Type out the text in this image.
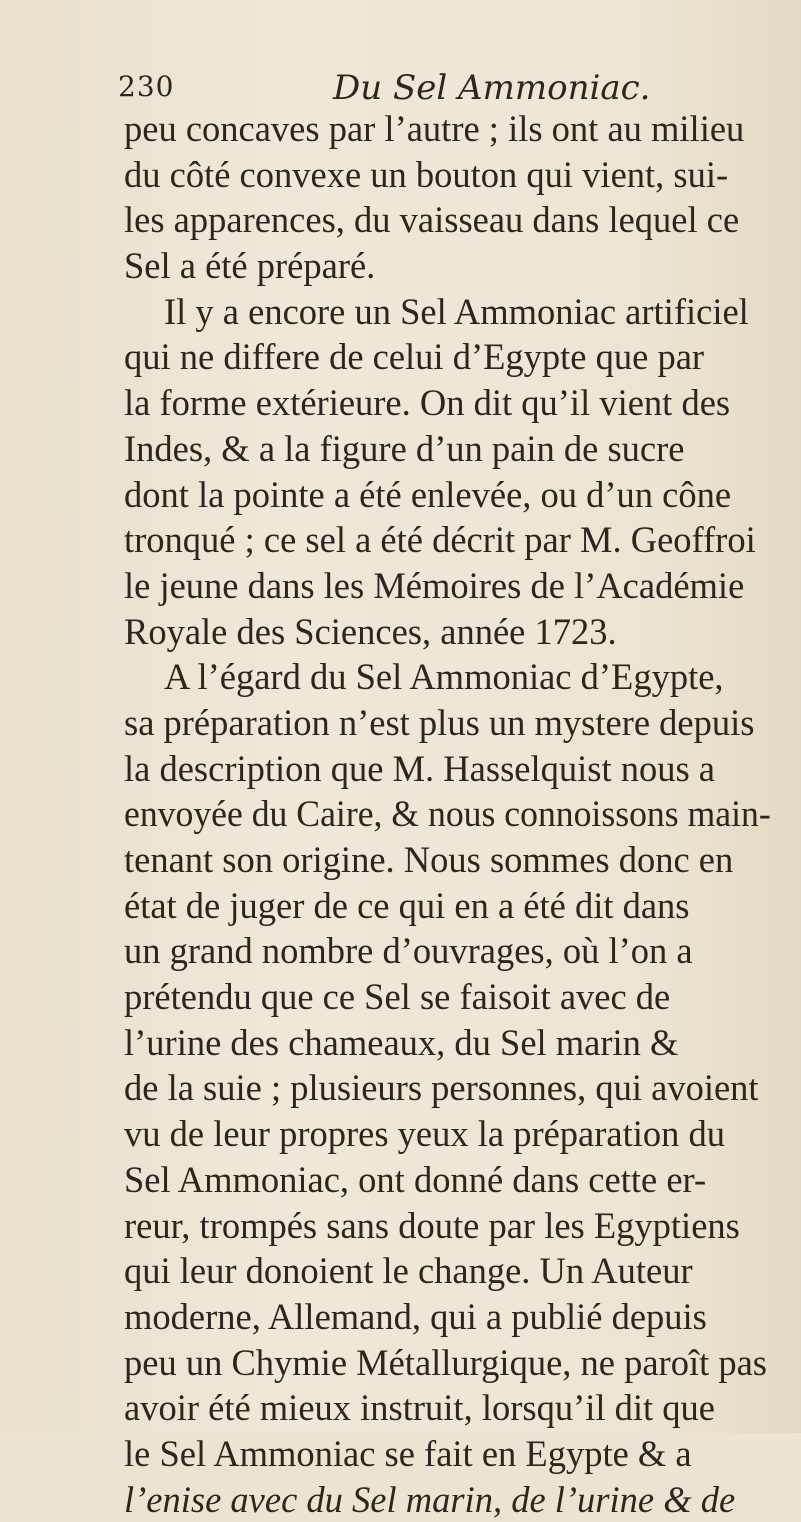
230	Du Sel Ammoniac.
peu concaves par l’autre ; ils ont au milieu
du côté convexe un bouton qui vient, sui-
les apparences, du vaisseau dans lequel ce
Sel a été préparé.
Il y a encore un Sel Ammoniac artificiel
qui ne differe de celui d’Egypte que par
la forme extérieure. On dit qu’il vient des
Indes, & a la figure d’un pain de sucre
dont la pointe a été enlevée, ou d’un cône
tronqué ; ce sel a été décrit par M. Geoffroi
le jeune dans les Mémoires de l’Académie
Royale des Sciences, année 1723.
A l’égard du Sel Ammoniac d’Egypte,
sa préparation n’est plus un mystere depuis
la description que M. Hasselquist nous a
envoyée du Caire, & nous connoissons main-
tenant son origine. Nous sommes donc en
état de juger de ce qui en a été dit dans
un grand nombre d’ouvrages, où l’on a
prétendu que ce Sel se faisoit avec de
l’urine des chameaux, du Sel marin &
de la suie ; plusieurs personnes, qui avoient
vu de leur propres yeux la préparation du
Sel Ammoniac, ont donné dans cette er-
reur, trompés sans doute par les Egyptiens
qui leur donoient le change. Un Auteur
moderne, Allemand, qui a publié depuis
peu un Chymie Métallurgique, ne paroît pas
avoir été mieux instruit, lorsqu’il dit que
le Sel Ammoniac se fait en Egypte & a
l’enise avec du Sel marin, de l’urine & de
